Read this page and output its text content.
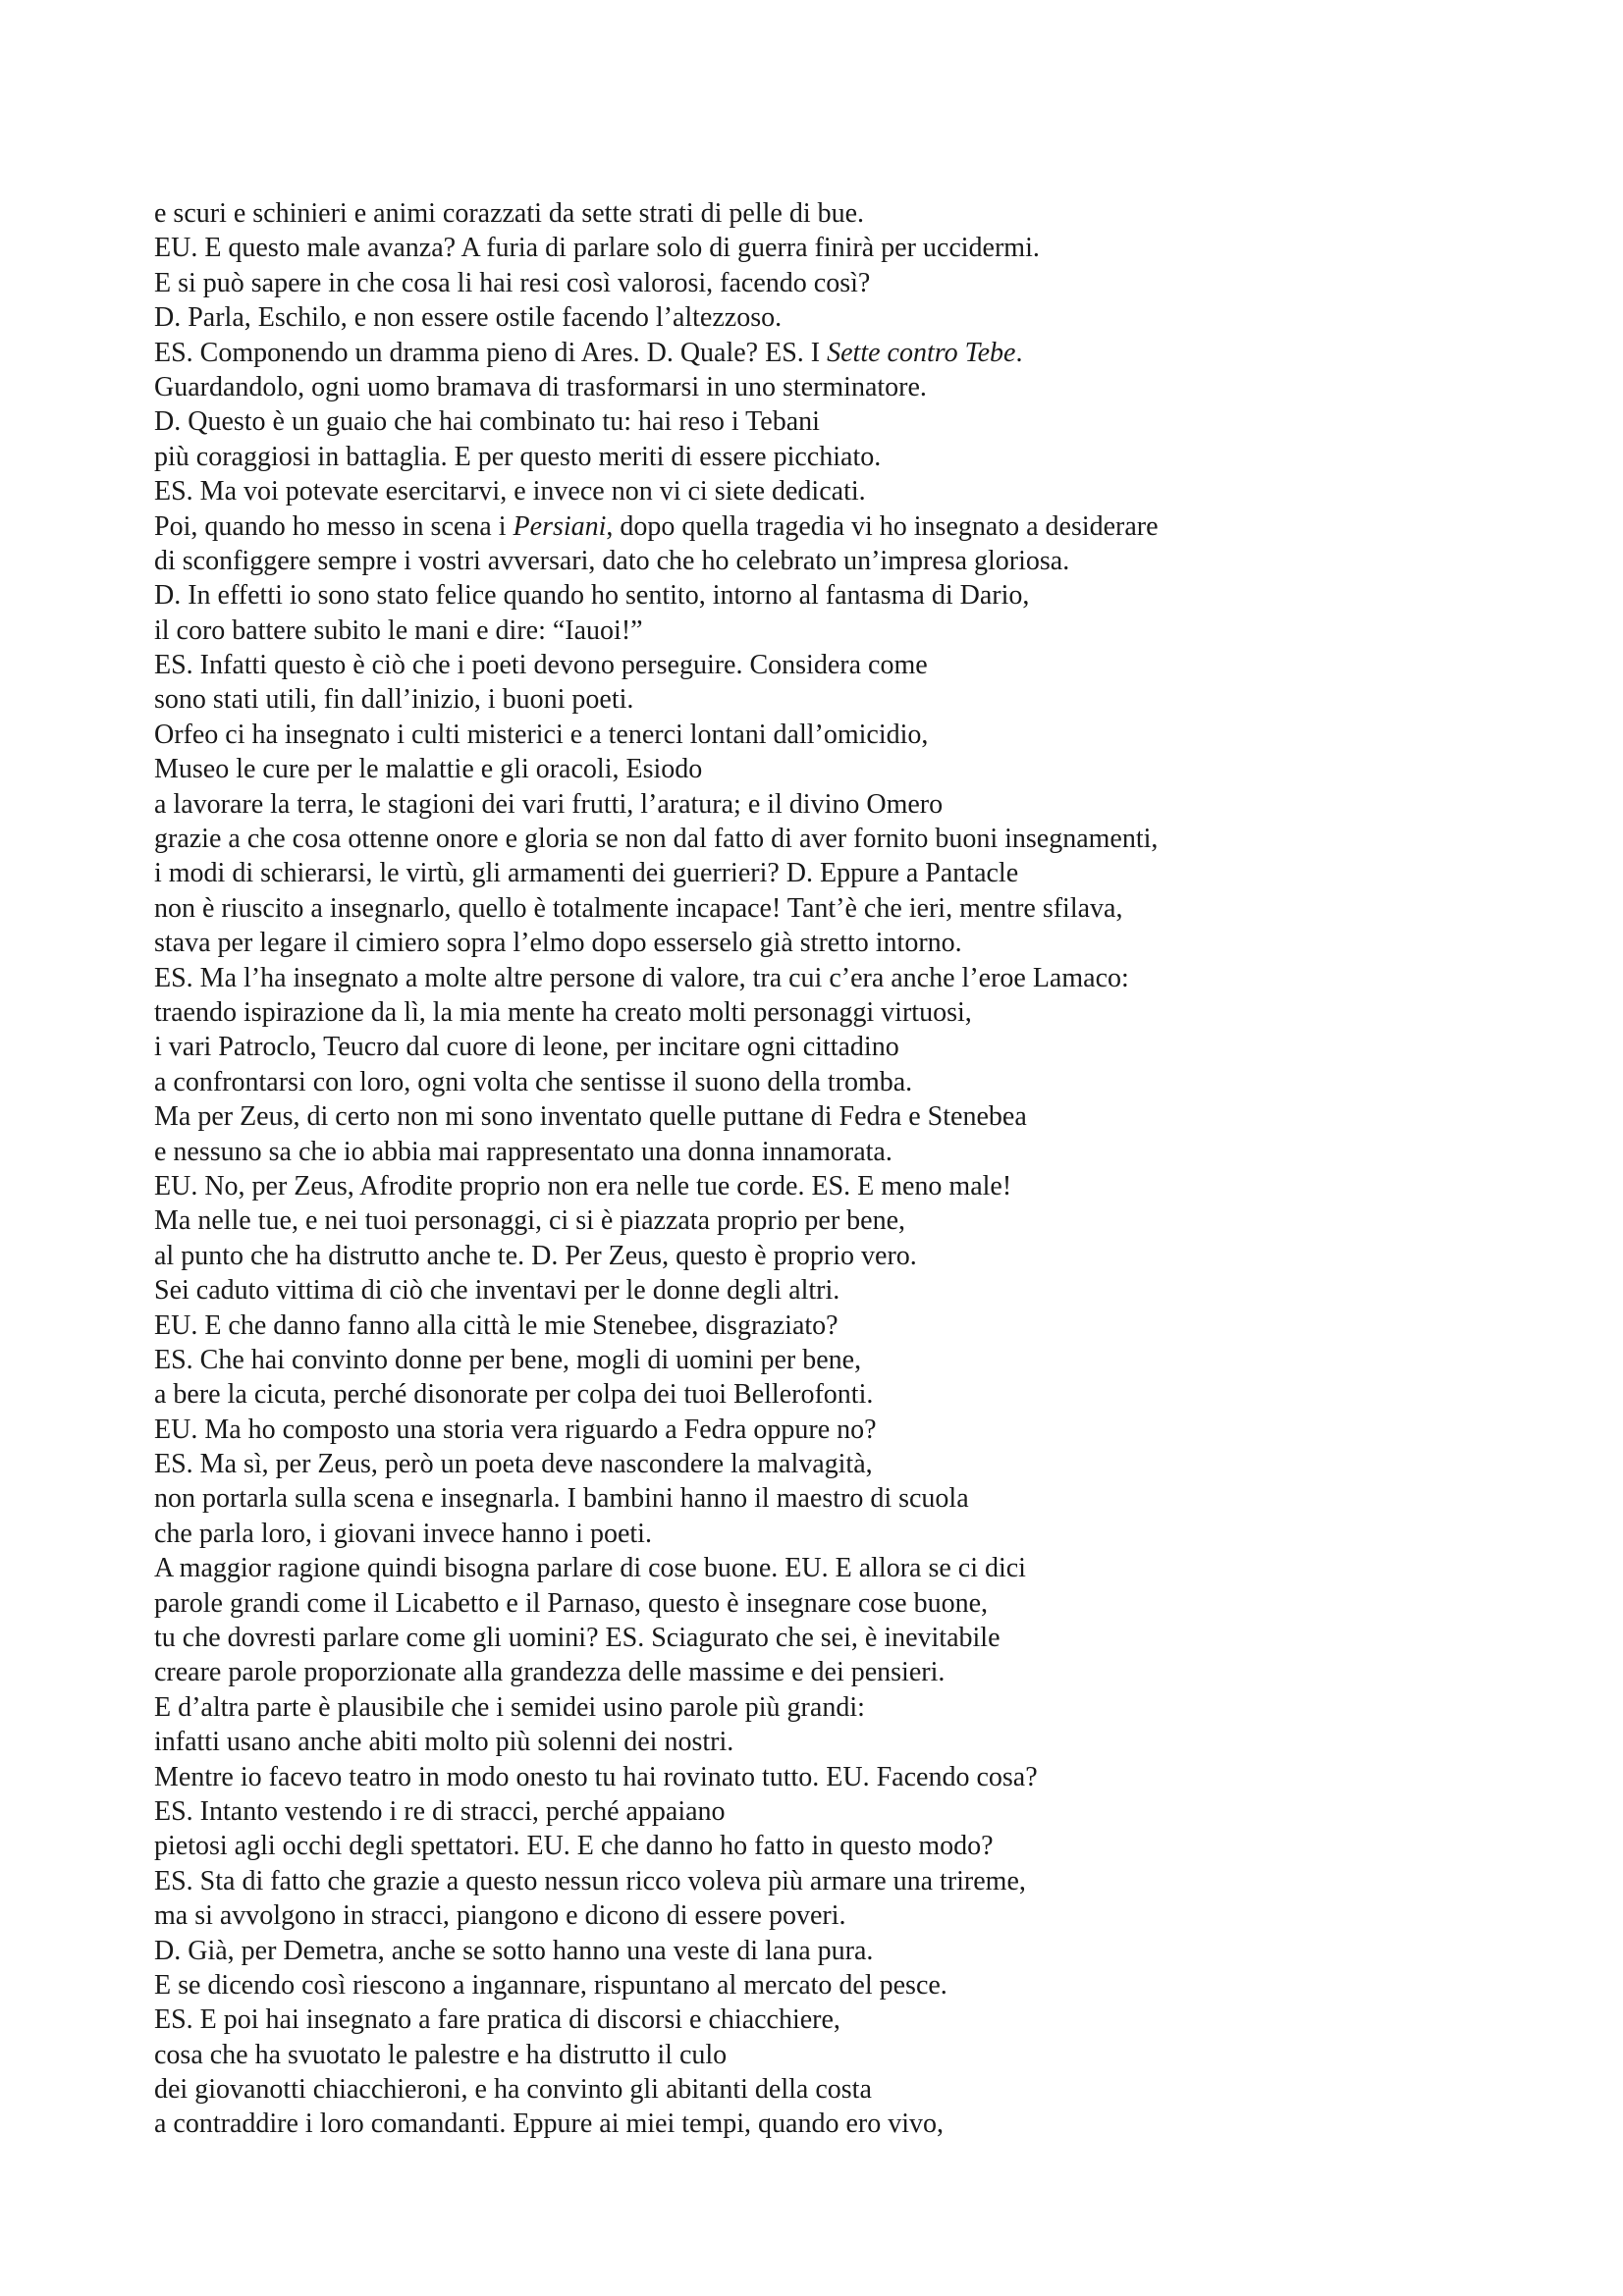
e scuri e schinieri e animi corazzati da sette strati di pelle di bue.
EU. E questo male avanza? A furia di parlare solo di guerra finirà per uccidermi.
E si può sapere in che cosa li hai resi così valorosi, facendo così?
D. Parla, Eschilo, e non essere ostile facendo l’altezzoso.
ES. Componendo un dramma pieno di Ares. D. Quale? ES. I Sette contro Tebe.
Guardandolo, ogni uomo bramava di trasformarsi in uno sterminatore.
D. Questo è un guaio che hai combinato tu: hai reso i Tebani
più coraggiosi in battaglia. E per questo meriti di essere picchiato.
ES. Ma voi potevate esercitarvi, e invece non vi ci siete dedicati.
Poi, quando ho messo in scena i Persiani, dopo quella tragedia vi ho insegnato a desiderare
di sconfiggere sempre i vostri avversari, dato che ho celebrato un’impresa gloriosa.
D. In effetti io sono stato felice quando ho sentito, intorno al fantasma di Dario,
il coro battere subito le mani e dire: “Iauoi!”
ES. Infatti questo è ciò che i poeti devono perseguire. Considera come
sono stati utili, fin dall’inizio, i buoni poeti.
Orfeo ci ha insegnato i culti misterici e a tenerci lontani dall’omicidio,
Museo le cure per le malattie e gli oracoli, Esiodo
a lavorare la terra, le stagioni dei vari frutti, l’aratura; e il divino Omero
grazie a che cosa ottenne onore e gloria se non dal fatto di aver fornito buoni insegnamenti,
i modi di schierarsi, le virtù, gli armamenti dei guerrieri? D. Eppure a Pantacle
non è riuscito a insegnarlo, quello è totalmente incapace! Tant’è che ieri, mentre sfilava,
stava per legare il cimiero sopra l’elmo dopo esserselo già stretto intorno.
ES. Ma l’ha insegnato a molte altre persone di valore, tra cui c’era anche l’eroe Lamaco:
traendo ispirazione da lì, la mia mente ha creato molti personaggi virtuosi,
i vari Patroclo, Teucro dal cuore di leone, per incitare ogni cittadino
a confrontarsi con loro, ogni volta che sentisse il suono della tromba.
Ma per Zeus, di certo non mi sono inventato quelle puttane di Fedra e Stenebea
e nessuno sa che io abbia mai rappresentato una donna innamorata.
EU. No, per Zeus, Afrodite proprio non era nelle tue corde. ES. E meno male!
Ma nelle tue, e nei tuoi personaggi, ci si è piazzata proprio per bene,
al punto che ha distrutto anche te. D. Per Zeus, questo è proprio vero.
Sei caduto vittima di ciò che inventavi per le donne degli altri.
EU. E che danno fanno alla città le mie Stenebee, disgraziato?
ES. Che hai convinto donne per bene, mogli di uomini per bene,
a bere la cicuta, perché disonorate per colpa dei tuoi Bellerofonti.
EU. Ma ho composto una storia vera riguardo a Fedra oppure no?
ES. Ma sì, per Zeus, però un poeta deve nascondere la malvagità,
non portarla sulla scena e insegnarla. I bambini hanno il maestro di scuola
che parla loro, i giovani invece hanno i poeti.
A maggior ragione quindi bisogna parlare di cose buone. EU. E allora se ci dici
parole grandi come il Licabetto e il Parnaso, questo è insegnare cose buone,
tu che dovresti parlare come gli uomini? ES. Sciagurato che sei, è inevitabile
creare parole proporzionate alla grandezza delle massime e dei pensieri.
E d’altra parte è plausibile che i semidei usino parole più grandi:
infatti usano anche abiti molto più solenni dei nostri.
Mentre io facevo teatro in modo onesto tu hai rovinato tutto. EU. Facendo cosa?
ES. Intanto vestendo i re di stracci, perché appaiano
pietosi agli occhi degli spettatori. EU. E che danno ho fatto in questo modo?
ES. Sta di fatto che grazie a questo nessun ricco voleva più armare una trireme,
ma si avvolgono in stracci, piangono e dicono di essere poveri.
D. Già, per Demetra, anche se sotto hanno una veste di lana pura.
E se dicendo così riescono a ingannare, rispuntano al mercato del pesce.
ES. E poi hai insegnato a fare pratica di discorsi e chiacchiere,
cosa che ha svuotato le palestre e ha distrutto il culo
dei giovanotti chiacchieroni, e ha convinto gli abitanti della costa
a contraddire i loro comandanti. Eppure ai miei tempi, quando ero vivo,
